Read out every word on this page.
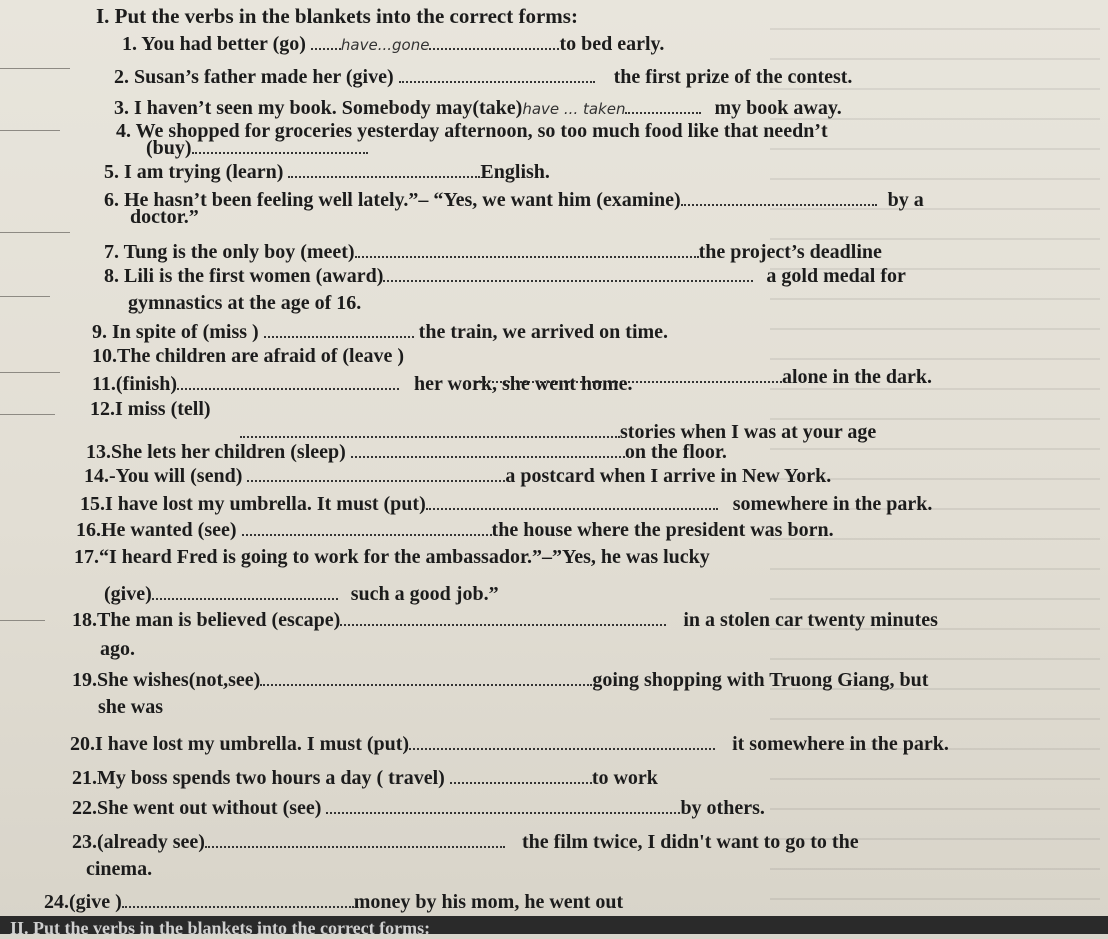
I. Put the verbs in the blankets into the correct forms:
1. You had better (go) have...gone	to bed early.
2. Susan’s father made her (give)	the first prize of the contest.
3. I haven’t seen my book. Somebody may(take)have ... taken	my book away.
4. We shopped for groceries yesterday afternoon, so too much food like that needn’t
(buy)
5. I am trying (learn)	English.
6. He hasn’t been feeling well lately.”– “Yes, we want him (examine)	by a
doctor.”
7. Tung is the only boy (meet)	the project’s deadline
8. Lili is the first women (award)	a gold medal for
gymnastics at the age of 16.
9. In spite of (miss )	the train, we arrived on time.
10.The children are afraid of (leave )
alone in the dark.
11.(finish)	her work, she went home.
12.I miss (tell)
stories when I was at your age
13.She lets her children (sleep)	on the floor.
14.-You will (send)	a postcard when I arrive in New York.
15.I have lost my umbrella. It must (put)	somewhere in the park.
16.He wanted (see)	the house where the president was born.
17.“I heard Fred is going to work for the ambassador.”–”Yes, he was lucky
(give)	such a good job.”
18.The man is believed (escape)	in a stolen car twenty minutes
ago.
19.She wishes(not,see)	going shopping with Truong Giang, but
she was
20.I have lost my umbrella. I must (put)	it somewhere in the park.
21.My boss spends two hours a day ( travel)	to work
22.She went out without (see)	by others.
23.(already see)	the film twice, I didn't want to go to the
cinema.
24.(give )	money by his mom, he went out
II. Put the verbs in the blankets into the correct forms:
